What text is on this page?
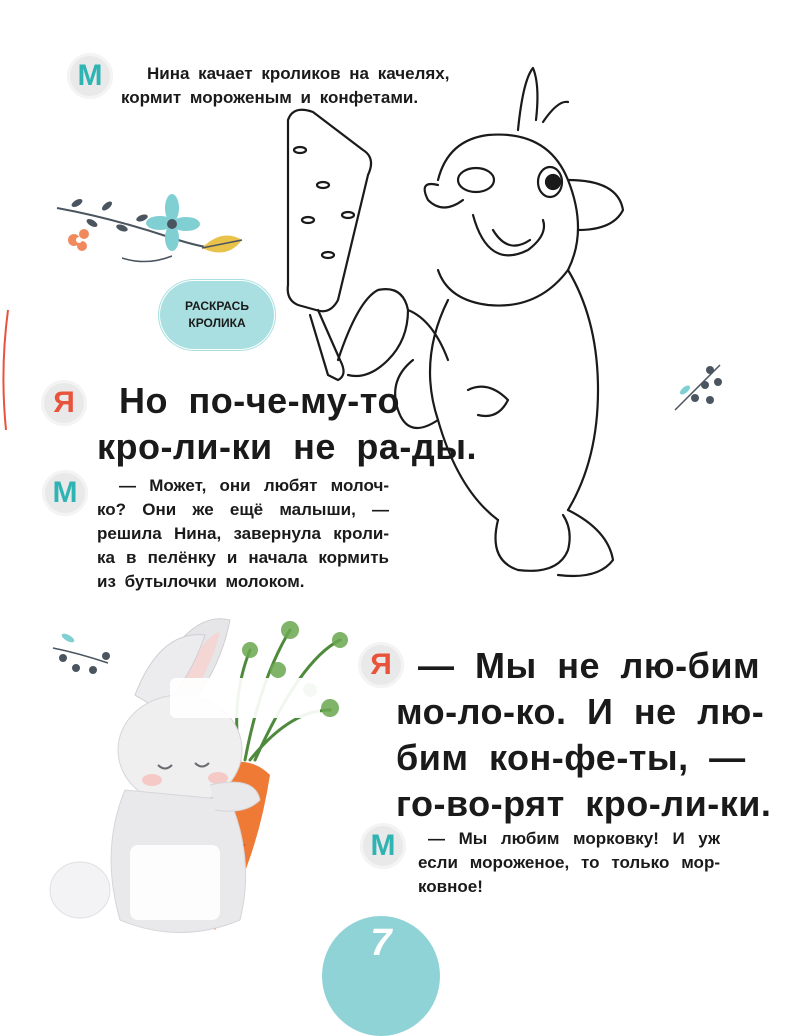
М	Нина качает кроликов на качелях,
кормит мороженым и конфетами.
РАСКРАСЬ
КРОЛИКА
Я	Но по-че-му-то
кро-ли-ки не ра-ды.
М	— Может, они любят молоч-
ко? Они же ещё малыши, —
решила Нина, завернула кроли-
ка в пелёнку и начала кормить
из бутылочки молоком.
Я — Мы не лю-бим
мо-ло-ко. И не лю-
бим кон-фе-ты, —
го-во-рят кро-ли-ки.
М	— Мы любим морковку! И уж
если мороженое, то только мор-
ковное!
7
